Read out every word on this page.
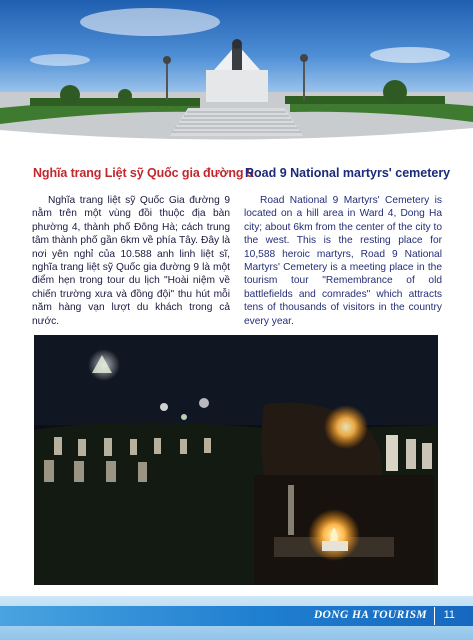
Nghĩa trang Liệt sỹ Quốc gia đường 9
Road 9 National martyrs' cemetery

Nghĩa trang liệt sỹ Quốc Gia đường 9 nằm trên một vùng đồi thuộc địa bàn phường 4, thành phố Đông Hà; cách trung tâm thành phố gần 6km về phía Tây. Đây là nơi yên nghỉ của 10.588 anh linh liệt sĩ, nghĩa trang liệt sỹ Quốc gia đường 9 là một điểm hẹn trong tour du lịch "Hoài niệm về chiến trường xưa và đồng đội" thu hút mỗi năm hàng vạn lượt du khách trong cả nước.

Road National 9 Martyrs' Cemetery is located on a hill area in Ward 4, Dong Ha city; about 6km from the center of the city to the west. This is the resting place for 10,588 heroic martyrs, Road 9 National Martyrs' Cemetery is a meeting place in the tourism tour "Remembrance of old battlefields and comrades" which attracts tens of thousands of visitors in the country every year.

DONG HA TOURISM 11
